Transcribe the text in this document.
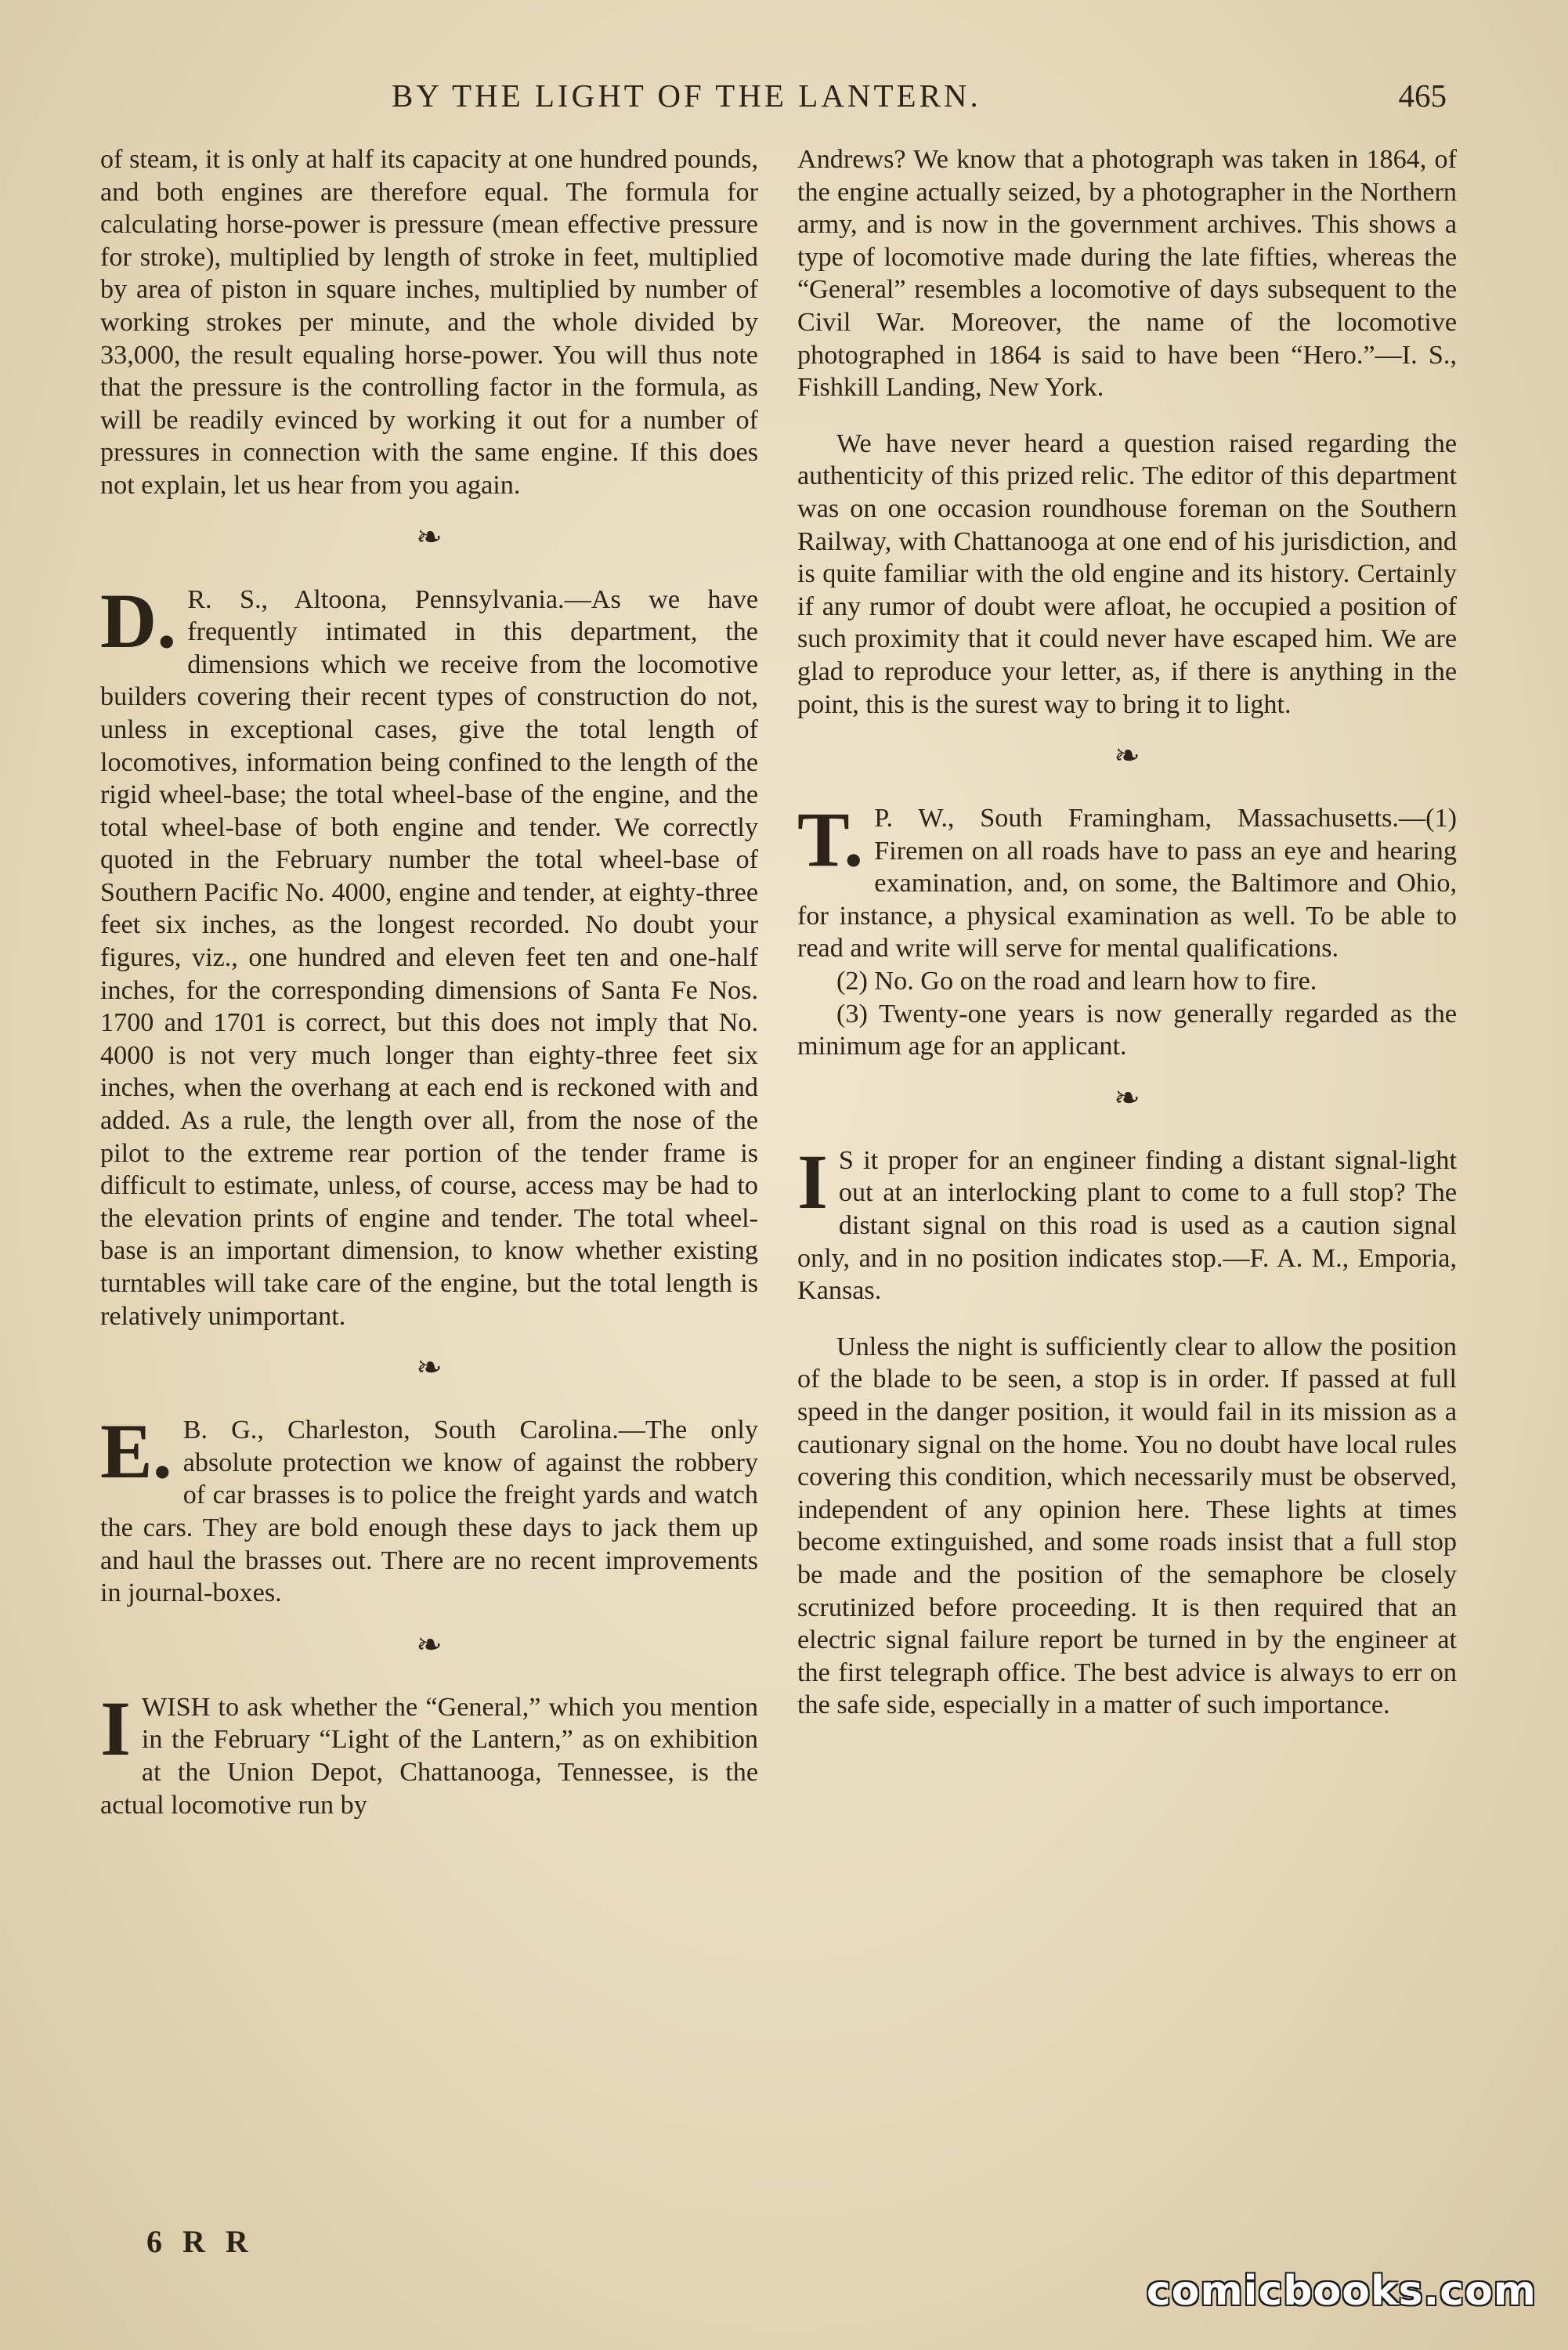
BY THE LIGHT OF THE LANTERN.	465

of steam, it is only at half its capacity at one hundred pounds, and both engines are therefore equal. The formula for calculating horse-power is pressure (mean effective pressure for stroke), multiplied by length of stroke in feet, multiplied by area of piston in square inches, multiplied by number of working strokes per minute, and the whole divided by 33,000, the result equaling horse-power. You will thus note that the pressure is the controlling factor in the formula, as will be readily evinced by working it out for a number of pressures in connection with the same engine. If this does not explain, let us hear from you again.

❧

D. R. S., Altoona, Pennsylvania.—As we have frequently intimated in this department, the dimensions which we receive from the locomotive builders covering their recent types of construction do not, unless in exceptional cases, give the total length of locomotives, information being confined to the length of the rigid wheel-base; the total wheel-base of the engine, and the total wheel-base of both engine and tender. We correctly quoted in the February number the total wheel-base of Southern Pacific No. 4000, engine and tender, at eighty-three feet six inches, as the longest recorded. No doubt your figures, viz., one hundred and eleven feet ten and one-half inches, for the corresponding dimensions of Santa Fe Nos. 1700 and 1701 is correct, but this does not imply that No. 4000 is not very much longer than eighty-three feet six inches, when the overhang at each end is reckoned with and added. As a rule, the length over all, from the nose of the pilot to the extreme rear portion of the tender frame is difficult to estimate, unless, of course, access may be had to the elevation prints of engine and tender. The total wheel-base is an important dimension, to know whether existing turntables will take care of the engine, but the total length is relatively unimportant.

❧

E. B. G., Charleston, South Carolina.—The only absolute protection we know of against the robbery of car brasses is to police the freight yards and watch the cars. They are bold enough these days to jack them up and haul the brasses out. There are no recent improvements in journal-boxes.

❧

IWISH to ask whether the “General,” which you mention in the February “Light of the Lantern,” as on exhibition at the Union Depot, Chattanooga, Tennessee, is the actual locomotive run by

Andrews? We know that a photograph was taken in 1864, of the engine actually seized, by a photographer in the Northern army, and is now in the government archives. This shows a type of locomotive made during the late fifties, whereas the “General” resembles a locomotive of days subsequent to the Civil War. Moreover, the name of the locomotive photographed in 1864 is said to have been “Hero.”—I. S., Fishkill Landing, New York.

We have never heard a question raised regarding the authenticity of this prized relic. The editor of this department was on one occasion roundhouse foreman on the Southern Railway, with Chattanooga at one end of his jurisdiction, and is quite familiar with the old engine and its history. Certainly if any rumor of doubt were afloat, he occupied a position of such proximity that it could never have escaped him. We are glad to reproduce your letter, as, if there is anything in the point, this is the surest way to bring it to light.

❧

T. P. W., South Framingham, Massachusetts.—(1) Firemen on all roads have to pass an eye and hearing examination, and, on some, the Baltimore and Ohio, for instance, a physical examination as well. To be able to read and write will serve for mental qualifications.

(2) No. Go on the road and learn how to fire.

(3) Twenty-one years is now generally regarded as the minimum age for an applicant.

❧

I S it proper for an engineer finding a distant signal-light out at an interlocking plant to come to a full stop? The distant signal on this road is used as a caution signal only, and in no position indicates stop.—F. A. M., Emporia, Kansas.

Unless the night is sufficiently clear to allow the position of the blade to be seen, a stop is in order. If passed at full speed in the danger position, it would fail in its mission as a cautionary signal on the home. You no doubt have local rules covering this condition, which necessarily must be observed, independent of any opinion here. These lights at times become extinguished, and some roads insist that a full stop be made and the position of the semaphore be closely scrutinized before proceeding. It is then required that an electric signal failure report be turned in by the engineer at the first telegraph office. The best advice is always to err on the safe side, especially in a matter of such importance.

6 R R
comicbooks.com
